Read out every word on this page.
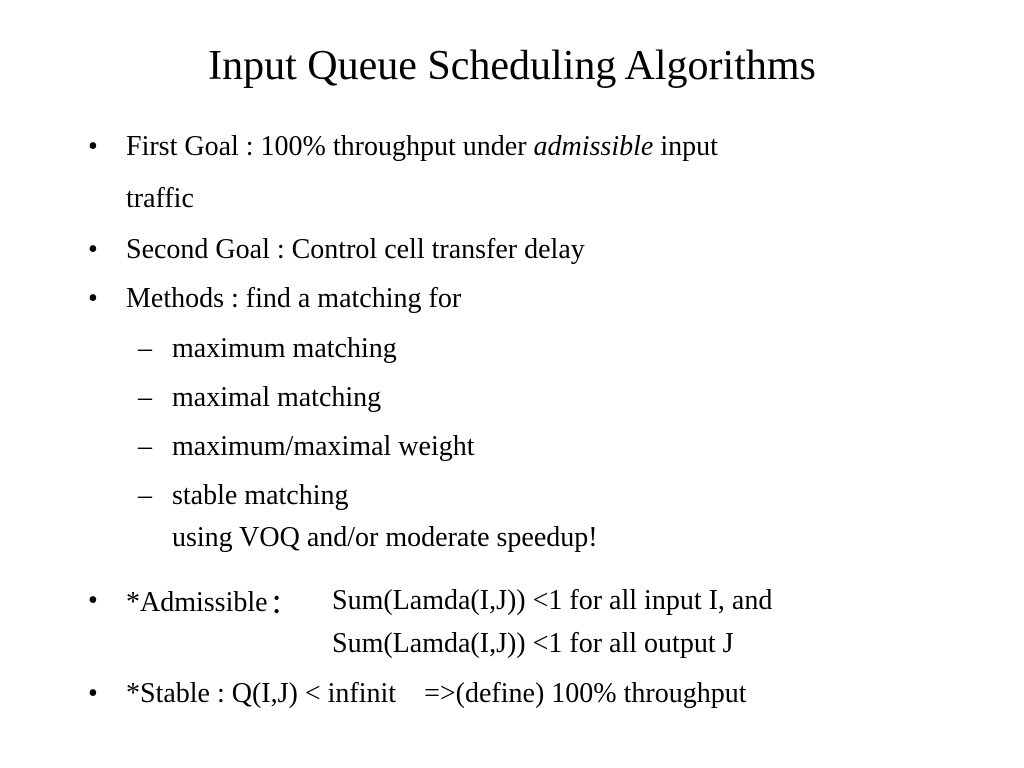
Input Queue Scheduling Algorithms
• First Goal : 100% throughput under admissible input
traffic
• Second Goal : Control cell transfer delay
• Methods : find a matching for
– maximum matching
– maximal matching
– maximum/maximal weight
– stable matching
using VOQ and/or moderate speedup!
• *Admissible : Sum(Lamda(I,J)) <1 for all input I, and
Sum(Lamda(I,J)) <1 for all output J
• *Stable : Q(I,J) < infinit    =>(define) 100% throughput
